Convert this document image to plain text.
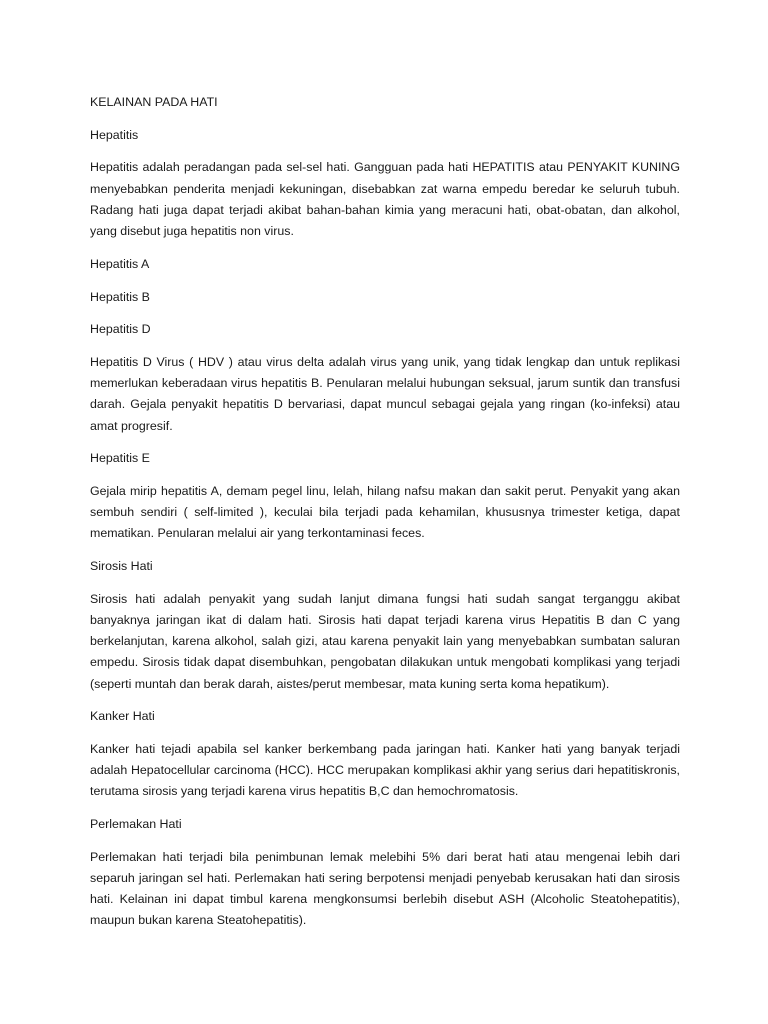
KELAINAN PADA HATI

Hepatitis

Hepatitis adalah peradangan pada sel-sel hati. Gangguan pada hati HEPATITIS atau PENYAKIT KUNING menyebabkan penderita menjadi kekuningan, disebabkan zat warna empedu beredar ke seluruh tubuh. Radang hati juga dapat terjadi akibat bahan-bahan kimia yang meracuni hati, obat-obatan, dan alkohol, yang disebut juga hepatitis non virus.

Hepatitis A

Hepatitis B

Hepatitis D

Hepatitis D Virus ( HDV ) atau virus delta adalah virus yang unik, yang tidak lengkap dan untuk replikasi memerlukan keberadaan virus hepatitis B. Penularan melalui hubungan seksual, jarum suntik dan transfusi darah. Gejala penyakit hepatitis D bervariasi, dapat muncul sebagai gejala yang ringan (ko-infeksi) atau amat progresif.

Hepatitis E

Gejala mirip hepatitis A, demam pegel linu, lelah, hilang nafsu makan dan sakit perut. Penyakit yang akan sembuh sendiri ( self-limited ), keculai bila terjadi pada kehamilan, khususnya trimester ketiga, dapat mematikan. Penularan melalui air yang terkontaminasi feces.

Sirosis Hati

Sirosis hati adalah penyakit yang sudah lanjut dimana fungsi hati sudah sangat terganggu akibat banyaknya jaringan ikat di dalam hati. Sirosis hati dapat terjadi karena virus Hepatitis B dan C yang berkelanjutan, karena alkohol, salah gizi, atau karena penyakit lain yang menyebabkan sumbatan saluran empedu. Sirosis tidak dapat disembuhkan, pengobatan dilakukan untuk mengobati komplikasi yang terjadi (seperti muntah dan berak darah, aistes/perut membesar, mata kuning serta koma hepatikum).

Kanker Hati

Kanker hati tejadi apabila sel kanker berkembang pada jaringan hati. Kanker hati yang banyak terjadi adalah Hepatocellular carcinoma (HCC). HCC merupakan komplikasi akhir yang serius dari hepatitiskronis, terutama sirosis yang terjadi karena virus hepatitis B,C dan hemochromatosis.

Perlemakan Hati

Perlemakan hati terjadi bila penimbunan lemak melebihi 5% dari berat hati atau mengenai lebih dari separuh jaringan sel hati. Perlemakan hati sering berpotensi menjadi penyebab kerusakan hati dan sirosis hati. Kelainan ini dapat timbul karena mengkonsumsi berlebih disebut ASH (Alcoholic Steatohepatitis), maupun bukan karena Steatohepatitis).
